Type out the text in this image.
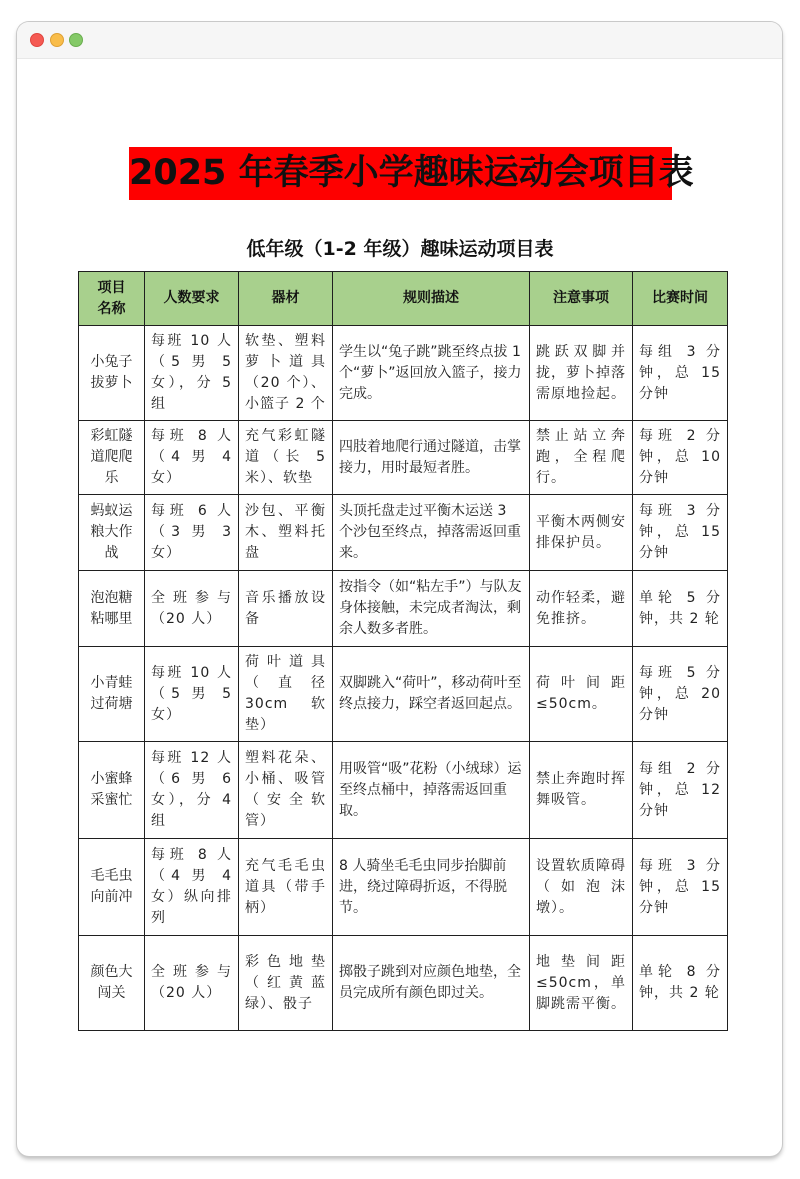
2025 年春季小学趣味运动会项目表
低年级（1-2 年级）趣味运动项目表
项目名称	人数要求	器材	规则描述	注意事项	比赛时间
小兔子拔萝卜	每班 10 人（5 男 5 女），分 5 组	软垫、塑料萝卜道具（20 个）、小篮子 2 个	学生以“兔子跳”跳至终点拔 1 个“萝卜”返回放入篮子，接力完成。	跳跃双脚并拢，萝卜掉落需原地捡起。	每组 3 分钟，总 15 分钟
彩虹隧道爬爬乐	每班 8 人（4 男 4 女）	充气彩虹隧道（长 5 米）、软垫	四肢着地爬行通过隧道，击掌接力，用时最短者胜。	禁止站立奔跑，全程爬行。	每班 2 分钟，总 10 分钟
蚂蚁运粮大作战	每班 6 人（3 男 3 女）	沙包、平衡木、塑料托盘	头顶托盘走过平衡木运送 3 个沙包至终点，掉落需返回重来。	平衡木两侧安排保护员。	每班 3 分钟，总 15 分钟
泡泡糖粘哪里	全班参与（20 人）	音乐播放设备	按指令（如“粘左手”）与队友身体接触，未完成者淘汰，剩余人数多者胜。	动作轻柔，避免推挤。	单轮 5 分钟，共 2 轮
小青蛙过荷塘	每班 10 人（5 男 5 女）	荷叶道具（直径 30cm 软垫）	双脚跳入“荷叶”，移动荷叶至终点接力，踩空者返回起点。	荷叶间距≤50cm。	每班 5 分钟，总 20 分钟
小蜜蜂采蜜忙	每班 12 人（6 男 6 女），分 4 组	塑料花朵、小桶、吸管（安全软管）	用吸管“吸”花粉（小绒球）运至终点桶中，掉落需返回重取。	禁止奔跑时挥舞吸管。	每组 2 分钟，总 12 分钟
毛毛虫向前冲	每班 8 人（4 男 4 女）纵向排列	充气毛毛虫道具（带手柄）	8 人骑坐毛毛虫同步抬脚前进，绕过障碍折返，不得脱节。	设置软质障碍（如泡沫墩）。	每班 3 分钟，总 15 分钟
颜色大闯关	全班参与（20 人）	彩色地垫（红黄蓝绿）、骰子	掷骰子跳到对应颜色地垫，全员完成所有颜色即过关。	地垫间距≤50cm，单脚跳需平衡。	单轮 8 分钟，共 2 轮
